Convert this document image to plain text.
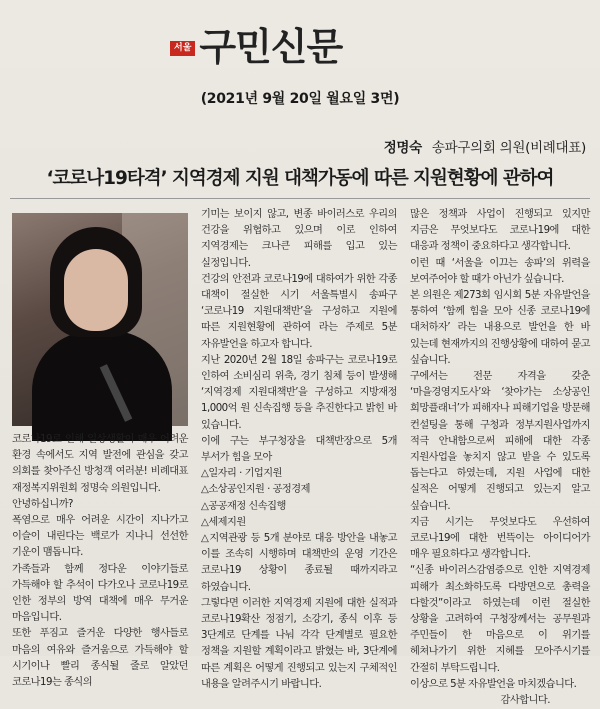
서울 구민신문
(2021년 9월 20일 월요일 3면)
정명숙 송파구의회 의원(비례대표)
‘코로나19타격’ 지역경제 지원 대책가동에 따른 지원현황에 관하여

코로나19로 인해 일상생활이 매우 어려운 환경 속에서도 지역 발전에 관심을 갖고 의회를 찾아주신 방청객 여러분! 비례대표 재정복지위원회 정명숙 의원입니다.

안녕하십니까?

폭염으로 매우 어려운 시간이 지나가고 이슬이 내린다는 백로가 지나니 선선한 기운이 맴돕니다.

가족들과 함께 정다운 이야기들로 가득해야 할 추석이 다가오나 코로나19로 인한 정부의 방역 대책에 매우 무거운 마음입니다.

또한 푸짐고 즐거운 다양한 행사들로 마음의 여유와 즐거움으로 가득해야 할 시기이나 빨리 종식될 줄로 알았던 코로나19는 종식의

기미는 보이지 않고, 변종 바이러스로 우리의 건강을 위협하고 있으며 이로 인하여 지역경제는 크나큰 피해를 입고 있는 실정입니다.

건강의 안전과 코로나19에 대하여가 위한 각종 대책이 절실한 시기 서울특별시 송파구 ‘코로나19 지원대책반’을 구성하고 지원에 따른 지원현황에 관하여 라는 주제로 5분 자유발언을 하고자 합니다.

지난 2020년 2월 18일 송파구는 코로나19로 인하여 소비심리 위축, 경기 침체 등이 발생해 ‘지역경제 지원대책반’을 구성하고 지방재정 1,000억 원 신속집행 등을 추진한다고 밝힌 바 있습니다.

이에 구는 부구청장을 대책반장으로 5개 부서가 힘을 모아

△일자리 · 기업지원

△소상공인지원 · 공정경제

△공공재정 신속집행

△세제지원

△지역관광 등 5개 분야로 대응 방안을 내놓고 이를 조속히 시행하며 대책반의 운영 기간은 코로나19 상황이 종료될 때까지라고 하였습니다.

그렇다면 이러한 지역경제 지원에 대한 실적과 코로나19확산 정점기, 소강기, 종식 이후 등 3단계로 단계를 나눠 각각 단계별로 필요한 정책을 지원할 계획이라고 밝혔는 바, 3단계에 따른 계획은 어떻게 진행되고 있는지 구체적인 내용을 알려주시기 바랍니다.

많은 정책과 사업이 진행되고 있지만 지금은 무엇보다도 코로나19에 대한 대응과 정책이 중요하다고 생각합니다.

이런 때 ‘서울을 이끄는 송파’의 위력을 보여주어야 할 때가 아닌가 싶습니다.

본 의원은 제273회 임시회 5분 자유발언을 통하여 ‘함께 힘을 모아 신종 코로나19에 대처하자’ 라는 내용으로 발언을 한 바 있는데 현재까지의 진행상황에 대하여 묻고 싶습니다.

구에서는 전문 자격을 갖춘 ‘마을경영지도사’와 ‘찾아가는 소상공인 희망플래너’가 피해자나 피해기업을 방문해 컨설팅을 통해 구청과 정부지원사업까지 적극 안내함으로써 피해에 대한 각종 지원사업을 놓치지 않고 받을 수 있도록 돕는다고 하였는데, 지원 사업에 대한 실적은 어떻게 진행되고 있는지 알고 싶습니다.

지금 시기는 무엇보다도 우선하여 코로나19에 대한 번뜩이는 아이디어가 매우 필요하다고 생각합니다.

“신종 바이러스감염증으로 인한 지역경제 피해가 최소화하도록 다방면으로 총력을 다할것”이라고 하였는데 이런 절실한 상황을 고려하여 구청장께서는 공무원과 주민들이 한 마음으로 이 위기를 헤쳐나가기 위한 지혜를 모아주시기를 간절히 부탁드립니다.

이상으로 5분 자유발언을 마치겠습니다.

감사합니다.
